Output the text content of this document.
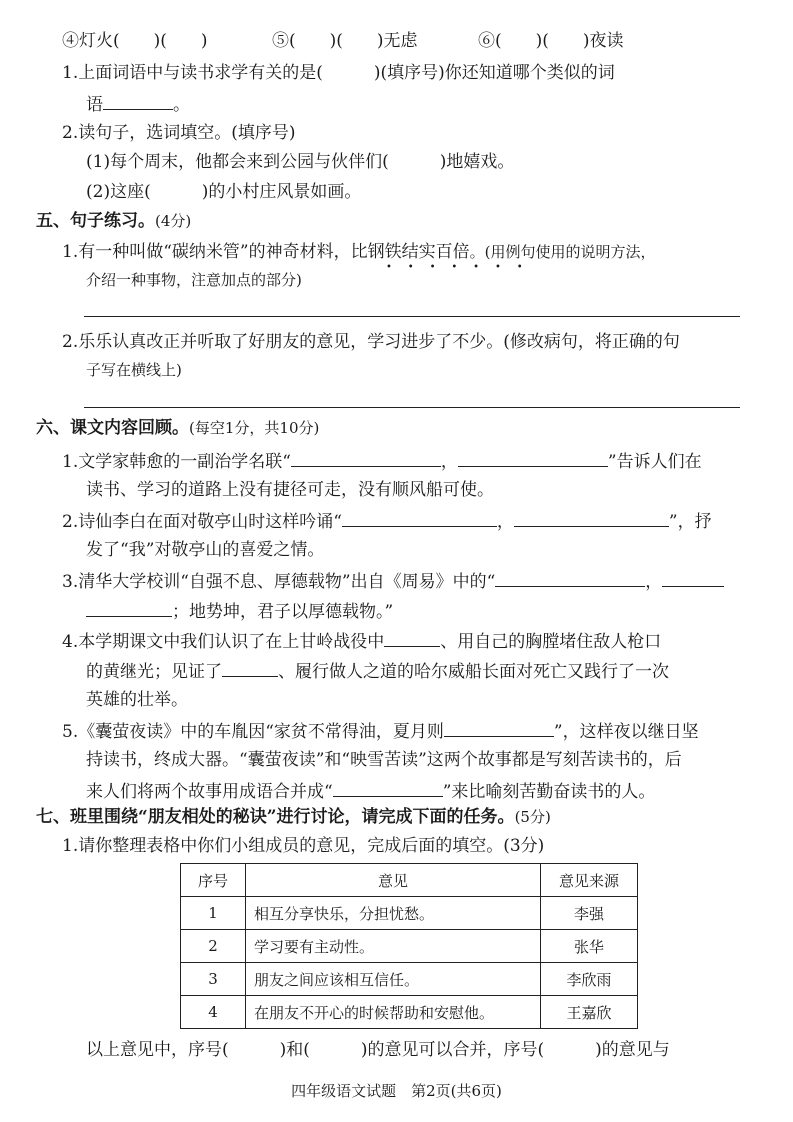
④灯火(　　)(　　)	⑤(　　)(　　)无虑	⑥(　　)(　　)夜读
1.上面词语中与读书求学有关的是(　　　)(填序号)你还知道哪个类似的词
语	。
2.读句子，选词填空。(填序号)
(1)每个周末，他都会来到公园与伙伴们(　　　)地嬉戏。
(2)这座(　　　)的小村庄风景如画。
五、句子练习。(4分)
1.有一种叫做“碳纳米管”的神奇材料，比钢铁结实百倍。(用例句使用的说明方法，
•     •     •     •     •     •     •
介绍一种事物，注意加点的部分)
2.乐乐认真改正并听取了好朋友的意见，学习进步了不少。(修改病句，将正确的句
子写在横线上)
六、课文内容回顾。(每空1分，共10分)
1.文学家韩愈的一副治学名联“	，	”告诉人们在
读书、学习的道路上没有捷径可走，没有顺风船可使。
2.诗仙李白在面对敬亭山时这样吟诵“	，	”，抒
发了“我”对敬亭山的喜爱之情。
3.清华大学校训“自强不息、厚德载物”出自《周易》中的“	，
；地势坤，君子以厚德载物。”
4.本学期课文中我们认识了在上甘岭战役中	、用自己的胸膛堵住敌人枪口
的黄继光；见证了	、履行做人之道的哈尔威船长面对死亡又践行了一次
英雄的壮举。
5.《囊萤夜读》中的车胤因“家贫不常得油，夏月则	”，这样夜以继日坚
持读书，终成大器。“囊萤夜读”和“映雪苦读”这两个故事都是写刻苦读书的，后
来人们将两个故事用成语合并成“	”来比喻刻苦勤奋读书的人。
七、班里围绕“朋友相处的秘诀”进行讨论，请完成下面的任务。(5分)
1.请你整理表格中你们小组成员的意见，完成后面的填空。(3分)
序号	意见	意见来源
1	相互分享快乐，分担忧愁。	李强
2	学习要有主动性。	张华
3	朋友之间应该相互信任。	李欣雨
4	在朋友不开心的时候帮助和安慰他。	王嘉欣
以上意见中，序号(　　　)和(　　　)的意见可以合并，序号(　　　)的意见与
四年级语文试题　第2页(共6页)
